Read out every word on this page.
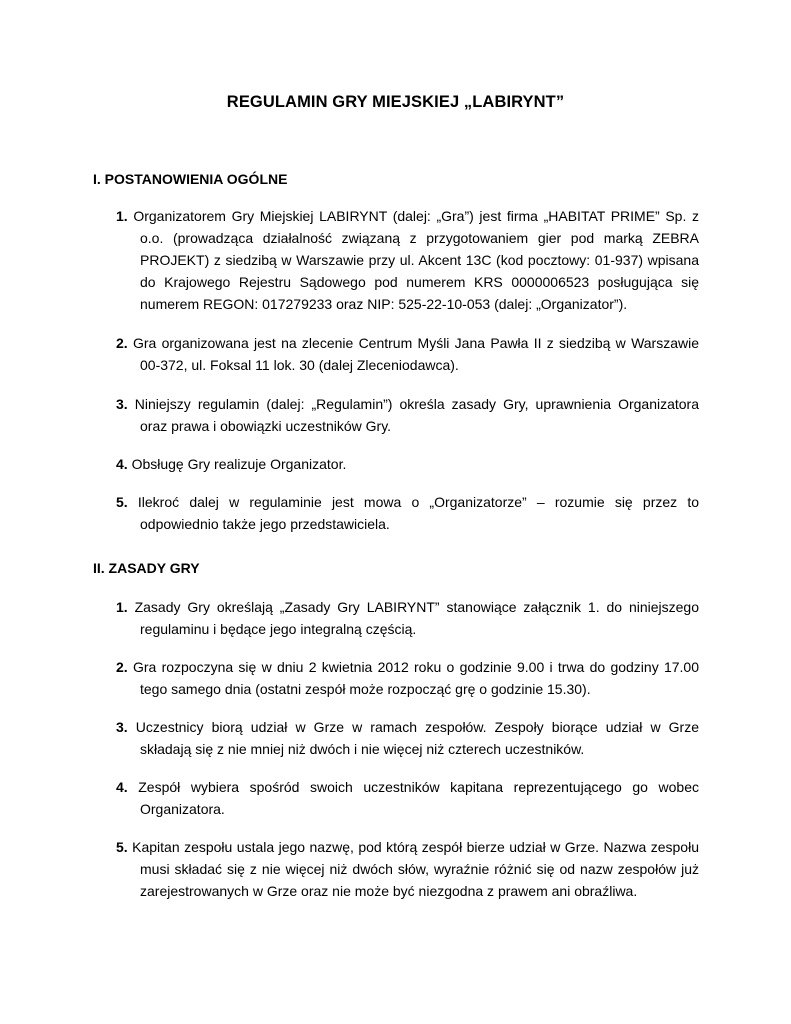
REGULAMIN GRY MIEJSKIEJ „LABIRYNT”
I. POSTANOWIENIA OGÓLNE
1. Organizatorem Gry Miejskiej LABIRYNT (dalej: „Gra”) jest firma „HABITAT PRIME” Sp. z o.o. (prowadząca działalność związaną z przygotowaniem gier pod marką ZEBRA PROJEKT) z siedzibą w Warszawie przy ul. Akcent 13C (kod pocztowy: 01-937) wpisana do Krajowego Rejestru Sądowego pod numerem KRS 0000006523 posługująca się numerem REGON: 017279233 oraz NIP: 525-22-10-053 (dalej: „Organizator”).
2. Gra organizowana jest na zlecenie Centrum Myśli Jana Pawła II z siedzibą w Warszawie 00-372, ul. Foksal 11 lok. 30 (dalej Zleceniodawca).
3. Niniejszy regulamin (dalej: „Regulamin”) określa zasady Gry, uprawnienia Organizatora oraz prawa i obowiązki uczestników Gry.
4. Obsługę Gry realizuje Organizator.
5. Ilekroć dalej w regulaminie jest mowa o „Organizatorze” – rozumie się przez to odpowiednio także jego przedstawiciela.
II. ZASADY GRY
1. Zasady Gry określają „Zasady Gry LABIRYNT” stanowiące załącznik 1. do niniejszego regulaminu i będące jego integralną częścią.
2. Gra rozpoczyna się w dniu 2 kwietnia 2012 roku o godzinie 9.00 i trwa do godziny 17.00 tego samego dnia (ostatni zespół może rozpocząć grę o godzinie 15.30).
3. Uczestnicy biorą udział w Grze w ramach zespołów. Zespoły biorące udział w Grze składają się z nie mniej niż dwóch i nie więcej niż czterech uczestników.
4. Zespół wybiera spośród swoich uczestników kapitana reprezentującego go wobec Organizatora.
5. Kapitan zespołu ustala jego nazwę, pod którą zespół bierze udział w Grze. Nazwa zespołu musi składać się z nie więcej niż dwóch słów, wyraźnie różnić się od nazw zespołów już zarejestrowanych w Grze oraz nie może być niezgodna z prawem ani obraźliwa.
